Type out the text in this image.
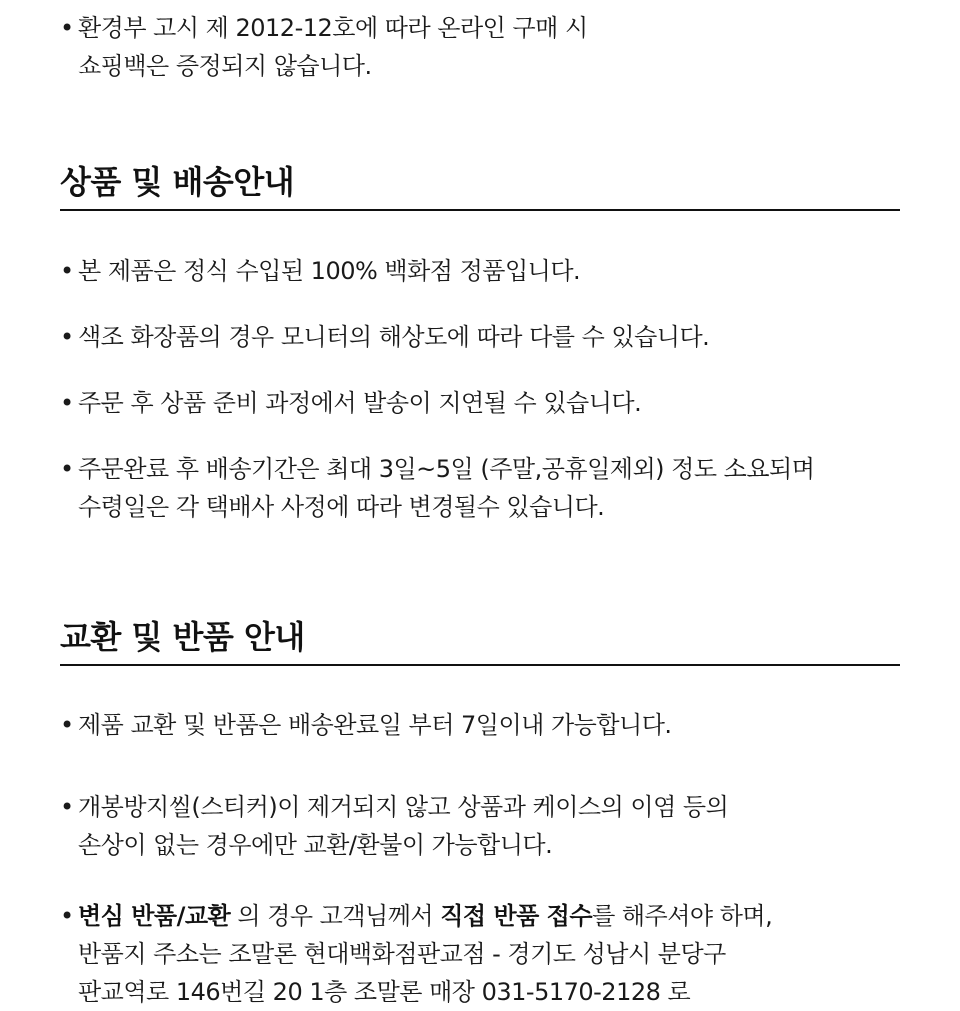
• 환경부 고시 제 2012-12호에 따라 온라인 구매 시
쇼핑백은 증정되지 않습니다.
상품 및 배송안내
• 본 제품은 정식 수입된 100% 백화점 정품입니다.
• 색조 화장품의 경우 모니터의 해상도에 따라 다를 수 있습니다.
• 주문 후 상품 준비 과정에서 발송이 지연될 수 있습니다.
• 주문완료 후 배송기간은 최대 3일~5일 (주말,공휴일제외) 정도 소요되며
수령일은 각 택배사 사정에 따라 변경될수 있습니다.
교환 및 반품 안내
• 제품 교환 및 반품은 배송완료일 부터 7일이내 가능합니다.
• 개봉방지씰(스티커)이 제거되지 않고 상품과 케이스의 이염 등의
손상이 없는 경우에만 교환/환불이 가능합니다.
• 변심 반품/교환 의 경우 고객님께서 직접 반품 접수를 해주셔야 하며,
반품지 주소는 조말론 현대백화점판교점 - 경기도 성남시 분당구
판교역로 146번길 20 1층 조말론 매장 031-5170-2128 로
